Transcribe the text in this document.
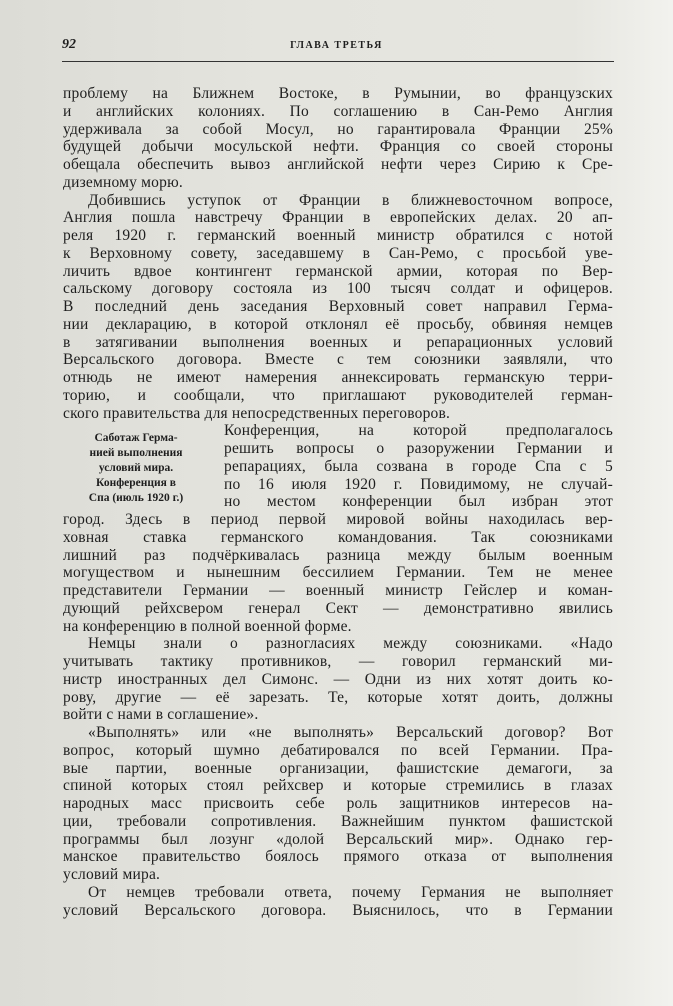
92	ГЛАВА ТРЕТЬЯ
Саботаж Герма-
нией выполнения
условий мира.
Конференция в
Спа (июль 1920 г.)
проблему на Ближнем Востоке, в Румынии, во французских
и английских колониях. По соглашению в Сан-Ремо Англия
удерживала за собой Мосул, но гарантировала Франции 25%
будущей добычи мосульской нефти. Франция со своей стороны
обещала обеспечить вывоз английской нефти через Сирию к Сре-
диземному морю.
Добившись уступок от Франции в ближневосточном вопросе,
Англия пошла навстречу Франции в европейских делах. 20 ап-
реля 1920 г. германский военный министр обратился с нотой
к Верховному совету, заседавшему в Сан-Ремо, с просьбой уве-
личить вдвое контингент германской армии, которая по Вер-
сальскому договору состояла из 100 тысяч солдат и офицеров.
В последний день заседания Верховный совет направил Герма-
нии декларацию, в которой отклонял её просьбу, обвиняя немцев
в затягивании выполнения военных и репарационных условий
Версальского договора. Вместе с тем союзники заявляли, что
отнюдь не имеют намерения аннексировать германскую терри-
торию, и сообщали, что приглашают руководителей герман-
ского правительства для непосредственных переговоров.
Конференция, на которой предполагалось
решить вопросы о разоружении Германии и
репарациях, была созвана в городе Спа с 5
по 16 июля 1920 г. Повидимому, не случай-
но местом конференции был избран этот
город. Здесь в период первой мировой войны находилась вер-
ховная ставка германского командования. Так союзниками
лишний раз подчёркивалась разница между былым военным
могуществом и нынешним бессилием Германии. Тем не менее
представители Германии — военный министр Гейслер и коман-
дующий рейхсвером генерал Сект — демонстративно явились
на конференцию в полной военной форме.
Немцы знали о разногласиях между союзниками. «Надо
учитывать тактику противников, — говорил германский ми-
нистр иностранных дел Симонс. — Одни из них хотят доить ко-
рову, другие — её зарезать. Те, которые хотят доить, должны
войти с нами в соглашение».
«Выполнять» или «не выполнять» Версальский договор? Вот
вопрос, который шумно дебатировался по всей Германии. Пра-
вые партии, военные организации, фашистские демагоги, за
спиной которых стоял рейхсвер и которые стремились в глазах
народных масс присвоить себе роль защитников интересов на-
ции, требовали сопротивления. Важнейшим пунктом фашистской
программы был лозунг «долой Версальский мир». Однако гер-
манское правительство боялось прямого отказа от выполнения
условий мира.
От немцев требовали ответа, почему Германия не выполняет
условий Версальского договора. Выяснилось, что в Германии
